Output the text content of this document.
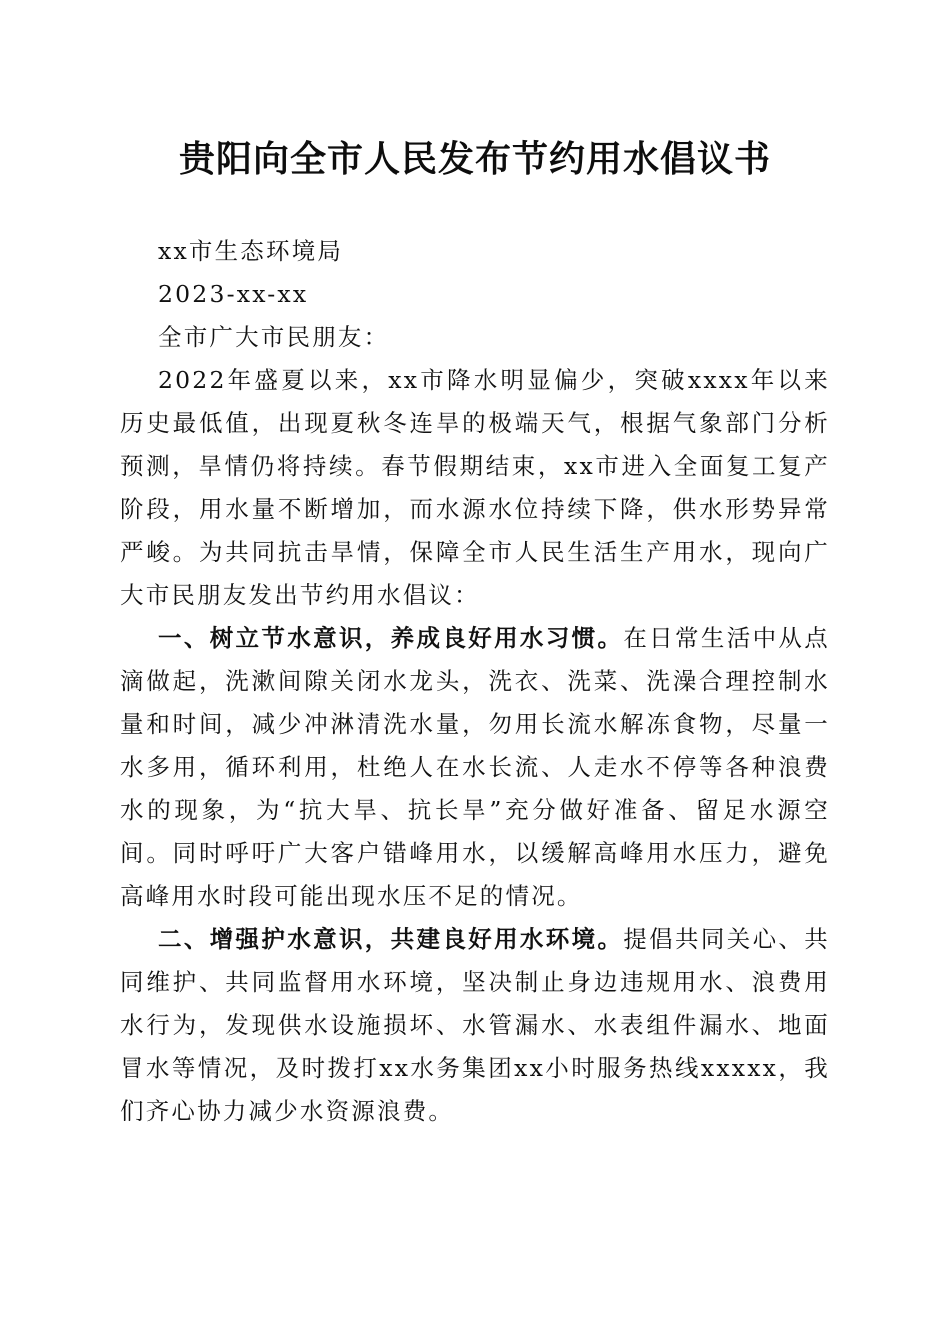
贵阳向全市人民发布节约用水倡议书

xx市生态环境局

2023-xx-xx

全市广大市民朋友：

2022年盛夏以来，xx市降水明显偏少，突破xxxx年以来历史最低值，出现夏秋冬连旱的极端天气，根据气象部门分析预测，旱情仍将持续。春节假期结束，xx市进入全面复工复产阶段，用水量不断增加，而水源水位持续下降，供水形势异常严峻。为共同抗击旱情，保障全市人民生活生产用水，现向广大市民朋友发出节约用水倡议：

一、树立节水意识，养成良好用水习惯。在日常生活中从点滴做起，洗漱间隙关闭水龙头，洗衣、洗菜、洗澡合理控制水量和时间，减少冲淋清洗水量，勿用长流水解冻食物，尽量一水多用，循环利用，杜绝人在水长流、人走水不停等各种浪费水的现象，为“抗大旱、抗长旱”充分做好准备、留足水源空间。同时呼吁广大客户错峰用水，以缓解高峰用水压力，避免高峰用水时段可能出现水压不足的情况。

二、增强护水意识，共建良好用水环境。提倡共同关心、共同维护、共同监督用水环境，坚决制止身边违规用水、浪费用水行为，发现供水设施损坏、水管漏水、水表组件漏水、地面冒水等情况，及时拨打xx水务集团xx小时服务热线xxxxx，我们齐心协力减少水资源浪费。
